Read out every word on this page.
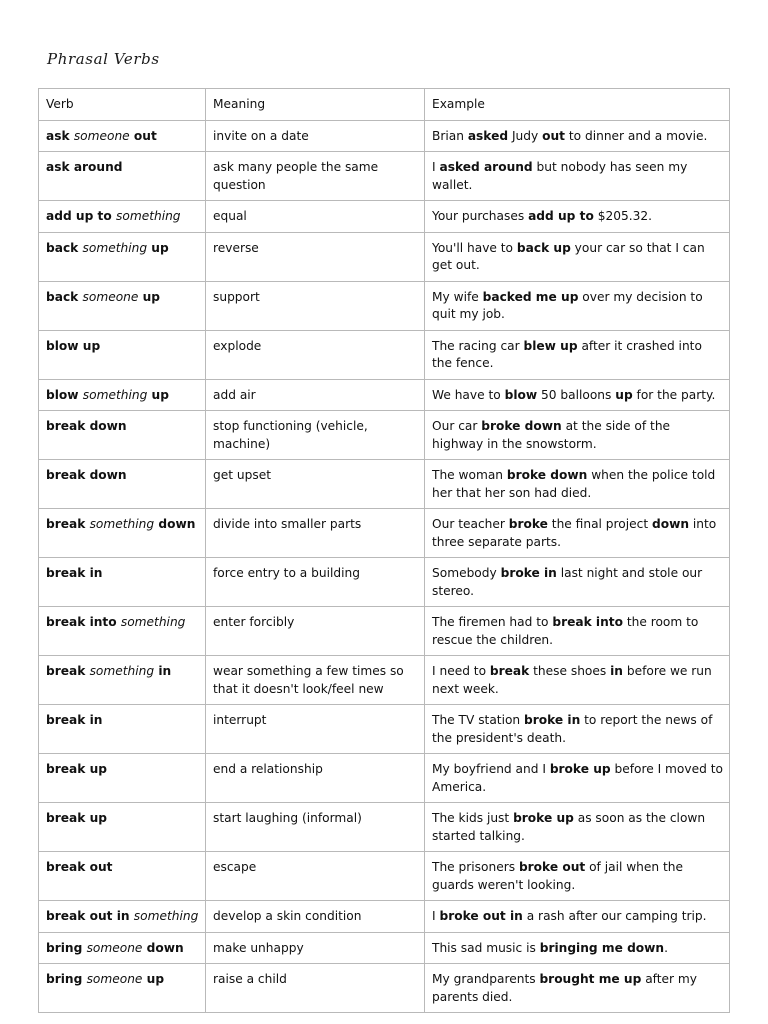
Phrasal Verbs
Verb	Meaning	Example
ask someone out	invite on a date	Brian asked Judy out to dinner and a movie.
ask around	ask many people the same question	I asked around but nobody has seen my wallet.
add up to something	equal	Your purchases add up to $205.32.
back something up	reverse	You'll have to back up your car so that I can get out.
back someone up	support	My wife backed me up over my decision to quit my job.
blow up	explode	The racing car blew up after it crashed into the fence.
blow something up	add air	We have to blow 50 balloons up for the party.
break down	stop functioning (vehicle, machine)	Our car broke down at the side of the highway in the snowstorm.
break down	get upset	The woman broke down when the police told her that her son had died.
break something down	divide into smaller parts	Our teacher broke the final project down into three separate parts.
break in	force entry to a building	Somebody broke in last night and stole our stereo.
break into something	enter forcibly	The firemen had to break into the room to rescue the children.
break something in	wear something a few times so that it doesn't look/feel new	I need to break these shoes in before we run next week.
break in	interrupt	The TV station broke in to report the news of the president's death.
break up	end a relationship	My boyfriend and I broke up before I moved to America.
break up	start laughing (informal)	The kids just broke up as soon as the clown started talking.
break out	escape	The prisoners broke out of jail when the guards weren't looking.
break out in something	develop a skin condition	I broke out in a rash after our camping trip.
bring someone down	make unhappy	This sad music is bringing me down.
bring someone up	raise a child	My grandparents brought me up after my parents died.
